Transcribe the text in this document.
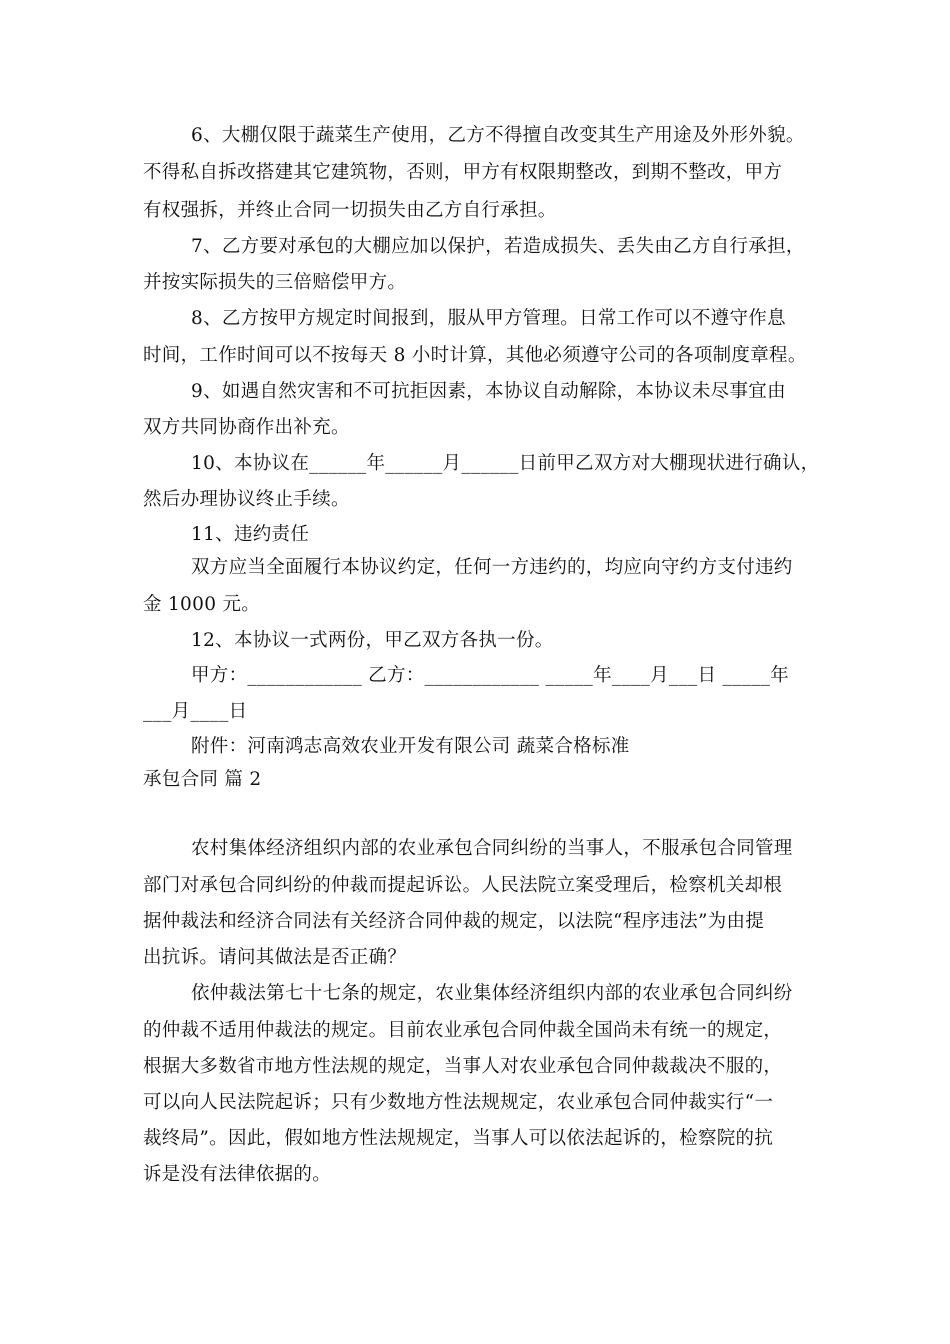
6、大棚仅限于蔬菜生产使用，乙方不得擅自改变其生产用途及外形外貌。
不得私自拆改搭建其它建筑物，否则，甲方有权限期整改，到期不整改，甲方
有权强拆，并终止合同一切损失由乙方自行承担。
7、乙方要对承包的大棚应加以保护，若造成损失、丢失由乙方自行承担，
并按实际损失的三倍赔偿甲方。
8、乙方按甲方规定时间报到，服从甲方管理。日常工作可以不遵守作息
时间，工作时间可以不按每天 8 小时计算，其他必须遵守公司的各项制度章程。
9、如遇自然灾害和不可抗拒因素，本协议自动解除，本协议未尽事宜由
双方共同协商作出补充。
10、本协议在______年______月______日前甲乙双方对大棚现状进行确认，
然后办理协议终止手续。
11、违约责任
双方应当全面履行本协议约定，任何一方违约的，均应向守约方支付违约
金 1000 元。
12、本协议一式两份，甲乙双方各执一份。
甲方：____________ 乙方：____________ _____年____月___日 _____年
___月____日
附件：河南鸿志高效农业开发有限公司 蔬菜合格标准
承包合同 篇 2
农村集体经济组织内部的农业承包合同纠纷的当事人，不服承包合同管理
部门对承包合同纠纷的仲裁而提起诉讼。人民法院立案受理后，检察机关却根
据仲裁法和经济合同法有关经济合同仲裁的规定，以法院“程序违法”为由提
出抗诉。请问其做法是否正确？
依仲裁法第七十七条的规定，农业集体经济组织内部的农业承包合同纠纷
的仲裁不适用仲裁法的规定。目前农业承包合同仲裁全国尚未有统一的规定，
根据大多数省市地方性法规的规定，当事人对农业承包合同仲裁裁决不服的，
可以向人民法院起诉；只有少数地方性法规规定，农业承包合同仲裁实行“一
裁终局”。因此，假如地方性法规规定，当事人可以依法起诉的，检察院的抗
诉是没有法律依据的。
